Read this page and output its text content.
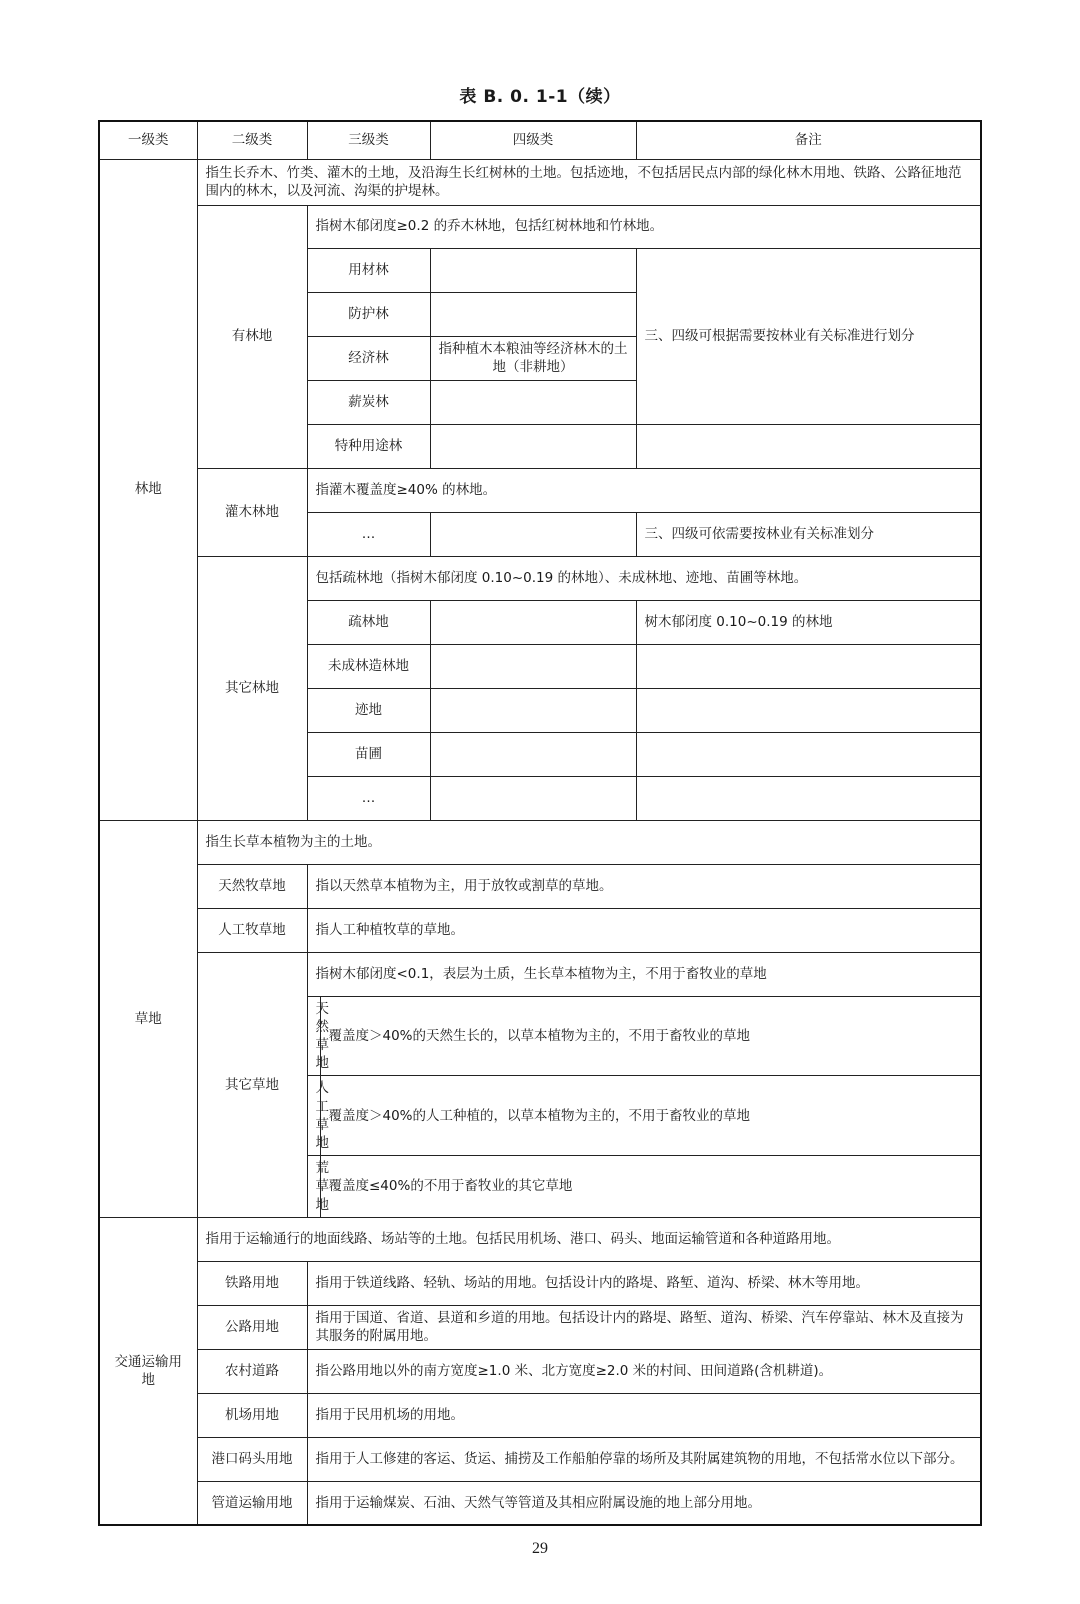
表 B. 0. 1-1（续）
一级类	二级类	三级类		四级类	备注
林地	指生长乔木、竹类、灌木的土地，及沿海生长红树林的土地。包括迹地，不包括居民点内部的绿化林木用地、铁路、公路征地范围内的林木，以及河流、沟渠的护堤林。				
	有林地	指树木郁闭度≥0.2 的乔木林地，包括红树林地和竹林地。			
		用材林			三、四级可根据需要按林业有关标准进行划分
		防护林			
		经济林		指种植木本粮油等经济林木的土地（非耕地）	
		薪炭林			
		特种用途林			
	灌木林地	指灌木覆盖度≥40% 的林地。			
		…			三、四级可依需要按林业有关标准划分
	其它林地	包括疏林地（指树木郁闭度 0.10~0.19 的林地）、未成林地、迹地、苗圃等林地。			
		疏林地			树木郁闭度 0.10~0.19 的林地
		未成林造林地			
		迹地			
		苗圃			
		…			
草地	指生长草本植物为主的土地。				
	天然牧草地	指以天然草本植物为主，用于放牧或割草的草地。			
	人工牧草地	指人工种植牧草的草地。			
	其它草地	指树木郁闭度<0.1，表层为土质，生长草本植物为主，不用于畜牧业的草地			
		天然草地	覆盖度＞40%的天然生长的，以草本植物为主的，不用于畜牧业的草地		
		人工草地	覆盖度＞40%的人工种植的，以草本植物为主的，不用于畜牧业的草地		
		荒草地	覆盖度≤40%的不用于畜牧业的其它草地		
交通运输用地	指用于运输通行的地面线路、场站等的土地。包括民用机场、港口、码头、地面运输管道和各种道路用地。				
	铁路用地	指用于铁道线路、轻轨、场站的用地。包括设计内的路堤、路堑、道沟、桥梁、林木等用地。			
	公路用地	指用于国道、省道、县道和乡道的用地。包括设计内的路堤、路堑、道沟、桥梁、汽车停靠站、林木及直接为其服务的附属用地。			
	农村道路	指公路用地以外的南方宽度≥1.0 米、北方宽度≥2.0 米的村间、田间道路(含机耕道)。			
	机场用地	指用于民用机场的用地。			
	港口码头用地	指用于人工修建的客运、货运、捕捞及工作船舶停靠的场所及其附属建筑物的用地，不包括常水位以下部分。			
	管道运输用地	指用于运输煤炭、石油、天然气等管道及其相应附属设施的地上部分用地。			
29
